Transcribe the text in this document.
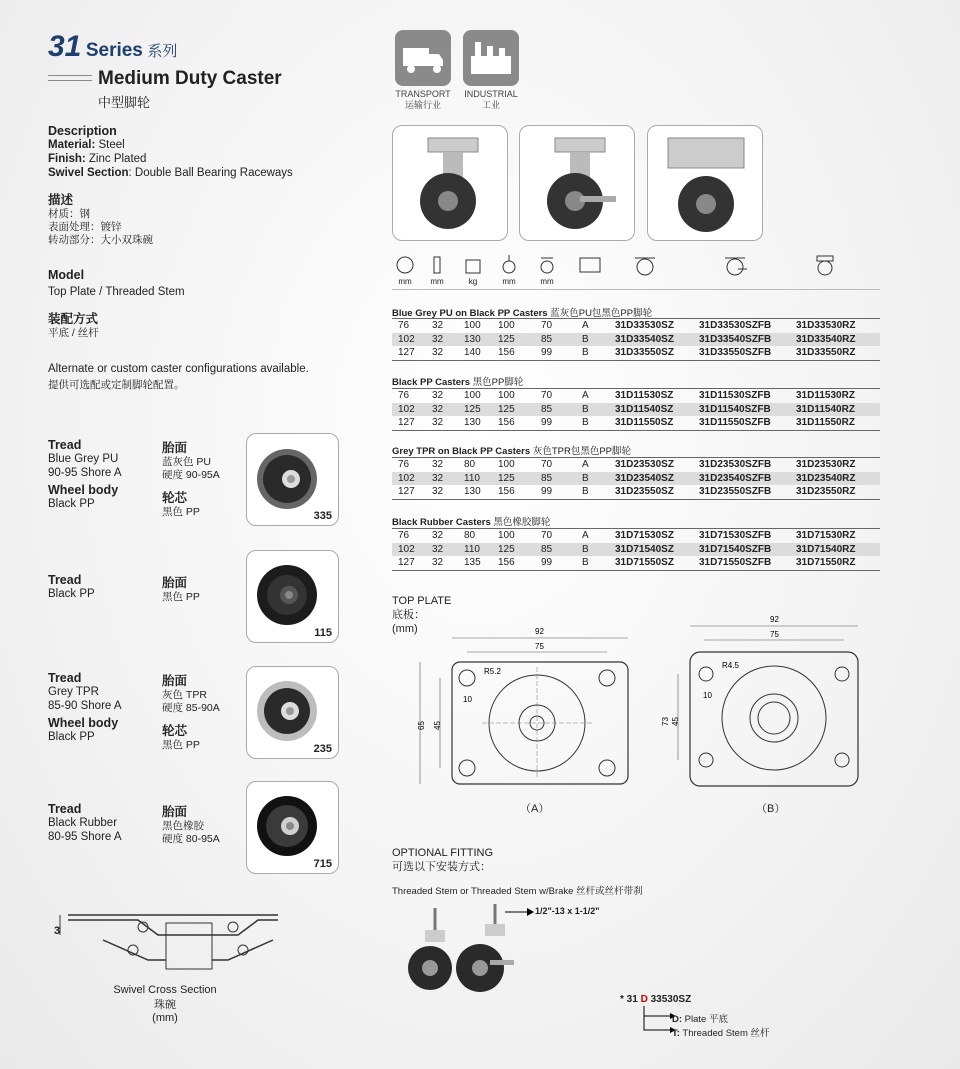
31 Series 系列
Medium Duty Caster
中型脚轮
Description
Material: Steel
Finish: Zinc Plated
Swivel Section: Double Ball Bearing Raceways
描述
材质：钢
表面处理：镀锌
转动部分：大小双珠碗
Model
Top Plate / Threaded Stem
装配方式
平底 / 丝杆
Alternate or custom caster configurations available.
提供可选配或定制脚轮配置。
Tread
Blue Grey PU
90-95 Shore A
Wheel body
Black PP
胎面
蓝灰色 PU
硬度 90-95A
轮芯
黑色 PP	335
Tread
Black PP
胎面
黑色 PP
115
Tread
Grey TPR
85-90 Shore A
Wheel body
Black PP
胎面
灰色 TPR
硬度 85-90A
轮芯
黑色 PP	235
Tread
Black Rubber
80-95 Shore A
胎面
黑色橡胶
硬度 80-95A
715
3
Swivel Cross Section
珠碗
(mm)
TRANSPORT
运输行业
INDUSTRIAL
工业
mm	mm	kg	mm	mm
Blue Grey PU on Black PP Casters 蓝灰色PU包黑色PP脚轮
76 32 100 100	70	A	31D33530SZ	31D33530SZFB 31D33530RZ
102 32 130 125	85	B	31D33540SZ	31D33540SZFB 31D33540RZ
127 32 140 156	99	B	31D33550SZ	31D33550SZFB 31D33550RZ
Black PP Casters 黑色PP脚轮
76 32 100 100	70	A	31D11530SZ	31D11530SZFB	31D11530RZ
102 32 125 125	85	B	31D11540SZ	31D11540SZFB	31D11540RZ
127 32 130 156	99	B	31D11550SZ	31D11550SZFB	31D11550RZ
Grey TPR on Black PP Casters 灰色TPR包黑色PP脚轮
76 32 80 100	70	A	31D23530SZ	31D23530SZFB 31D23530RZ
102 32 110 125	85	B	31D23540SZ	31D23540SZFB 31D23540RZ
127 32 130 156	99	B	31D23550SZ	31D23550SZFB 31D23550RZ
Black Rubber Casters 黑色橡胶脚轮
76 32 80 100	70	A	31D71530SZ	31D71530SZFB 31D71530RZ
102 32 110 125	85	B	31D71540SZ	31D71540SZFB 31D71540RZ
127 32 135 156	99	B	31D71550SZ	31D71550SZFB 31D71550RZ
TOP PLATE
底板：
(mm)	92
75
R5.2
10
65 45
（A）
92
75
R4.5
10
73 45
（B）
OPTIONAL FITTING
可选以下安装方式：
Threaded Stem or Threaded Stem w/Brake 丝杆或丝杆带刹
1/2"-13 x 1-1/2"
* 31 D 33530SZ
D: Plate 平底
T: Threaded Stem 丝杆
